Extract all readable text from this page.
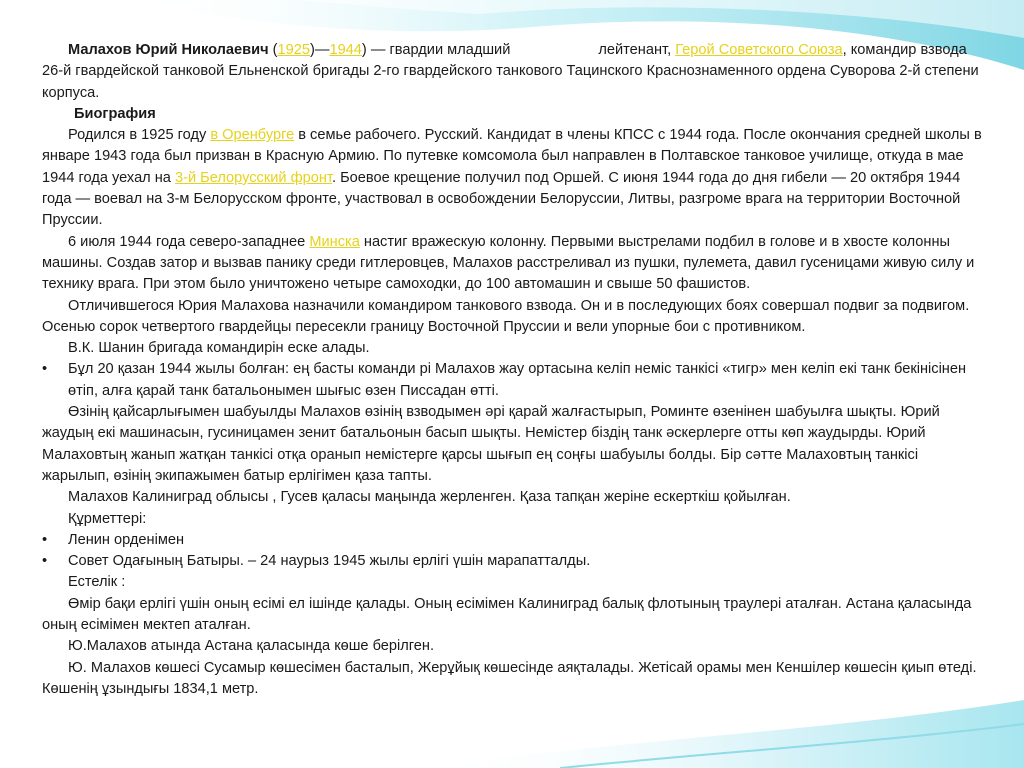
Малахов Юрий Николаевич (1925)—1944) — гвардии младший	лейтенант, Герой Советского Союза, командир взвода 26-й гвардейской танковой Ельненской бригады 2-го гвардейского танкового Тацинского Краснознаменного ордена Суворова 2-й степени корпуса.

Биография

Родился в 1925 году в Оренбурге в семье рабочего. Русский. Кандидат в члены КПСС с 1944 года. После окончания средней школы в январе 1943 года был призван в Красную Армию. По путевке комсомола был направлен в Полтавское танковое училище, откуда в мае 1944 года уехал на 3-й Белорусский фронт. Боевое крещение получил под Оршей. С июня 1944 года до дня гибели — 20 октября 1944 года — воевал на 3-м Белорусском фронте, участвовал в освобождении Белоруссии, Литвы, разгроме врага на территории Восточной Пруссии.

6 июля 1944 года северо-западнее Минска настиг вражескую колонну. Первыми выстрелами подбил в голове и в хвосте колонны машины. Создав затор и вызвав панику среди гитлеровцев, Малахов расстреливал из пушки, пулемета, давил гусеницами живую силу и технику врага. При этом было уничтожено четыре самоходки, до 100 автомашин и свыше 50 фашистов.

Отличившегося Юрия Малахова назначили командиром танкового взвода. Он и в последующих боях совершал подвиг за подвигом. Осенью сорок четвертого гвардейцы пересекли границу Восточной Пруссии и вели упорные бои с противником.

В.К. Шанин бригада командирін еске алады.

• Бұл 20 қазан 1944 жылы болған: ең басты команди рі Малахов жау ортасына келіп неміс танкісі «тигр» мен келіп екі танк бекінісінен өтіп, алға қарай танк батальонымен шығыс өзен Писсадан өтті.

Өзінің қайсарлығымен шабуылды Малахов өзінің взводымен әрі қарай жалғастырып, Роминте өзенінен шабуылға шықты. Юрий жаудың екі машинасын, гусиницамен зенит батальонын басып шықты. Немістер біздің танк әскерлерге отты көп жаудырды. Юрий Малаховтың жанып жатқан танкісі отқа оранып немістерге қарсы шығып ең соңғы шабуылы болды. Бір сәтте Малаховтың танкісі жарылып, өзінің экипажымен батыр ерлігімен қаза тапты.

Малахов Калиниград облысы , Гусев қаласы маңында жерленген. Қаза тапқан жеріне ескерткіш қойылған.

Құрметтері:

• Ленин орденімен

• Совет Одағының Батыры. – 24 наурыз 1945 жылы ерлігі үшін марапатталды.

Естелік :

Өмір бақи ерлігі үшін оның есімі ел ішінде қалады. Оның есімімен Калиниград балық флотының траулері аталған. Астана қаласында оның есімімен мектеп аталған.

Ю.Малахов атында Астана қаласында көше берілген.

Ю. Малахов көшесі Сусамыр көшесімен басталып, Жерұйық көшесінде аяқталады. Жетісай орамы мен Кеншілер көшесін қиып өтеді. Көшенің ұзындығы 1834,1 метр.
